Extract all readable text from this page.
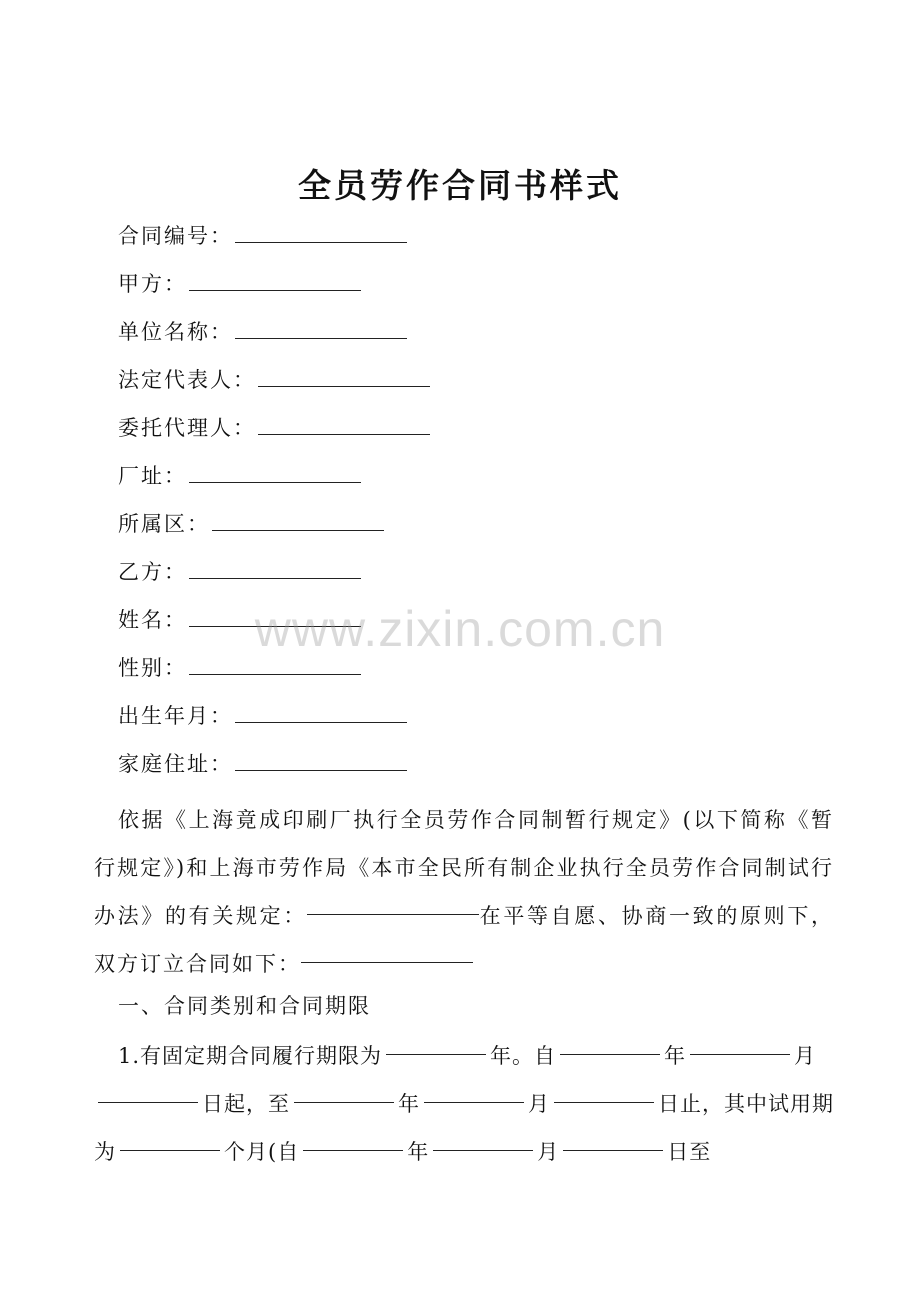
全员劳作合同书样式
合同编号：
甲方：
单位名称：
法定代表人：
委托代理人：
厂址：
所属区：
乙方：
姓名：
性别：
出生年月：
家庭住址：
依据《上海竟成印刷厂执行全员劳作合同制暂行规定》(以下简称《暂行规定》)和上海市劳作局《本市全民所有制企业执行全员劳作合同制试行办法》的有关规定：	在平等自愿、协商一致的原则下，双方订立合同如下：
一、合同类别和合同期限
1.有固定期合同履行期限为	年。自	年	月日起，至	年	月	日止，其中试用期为	个月(自	年	月	日至
www.zixin.com.cn
